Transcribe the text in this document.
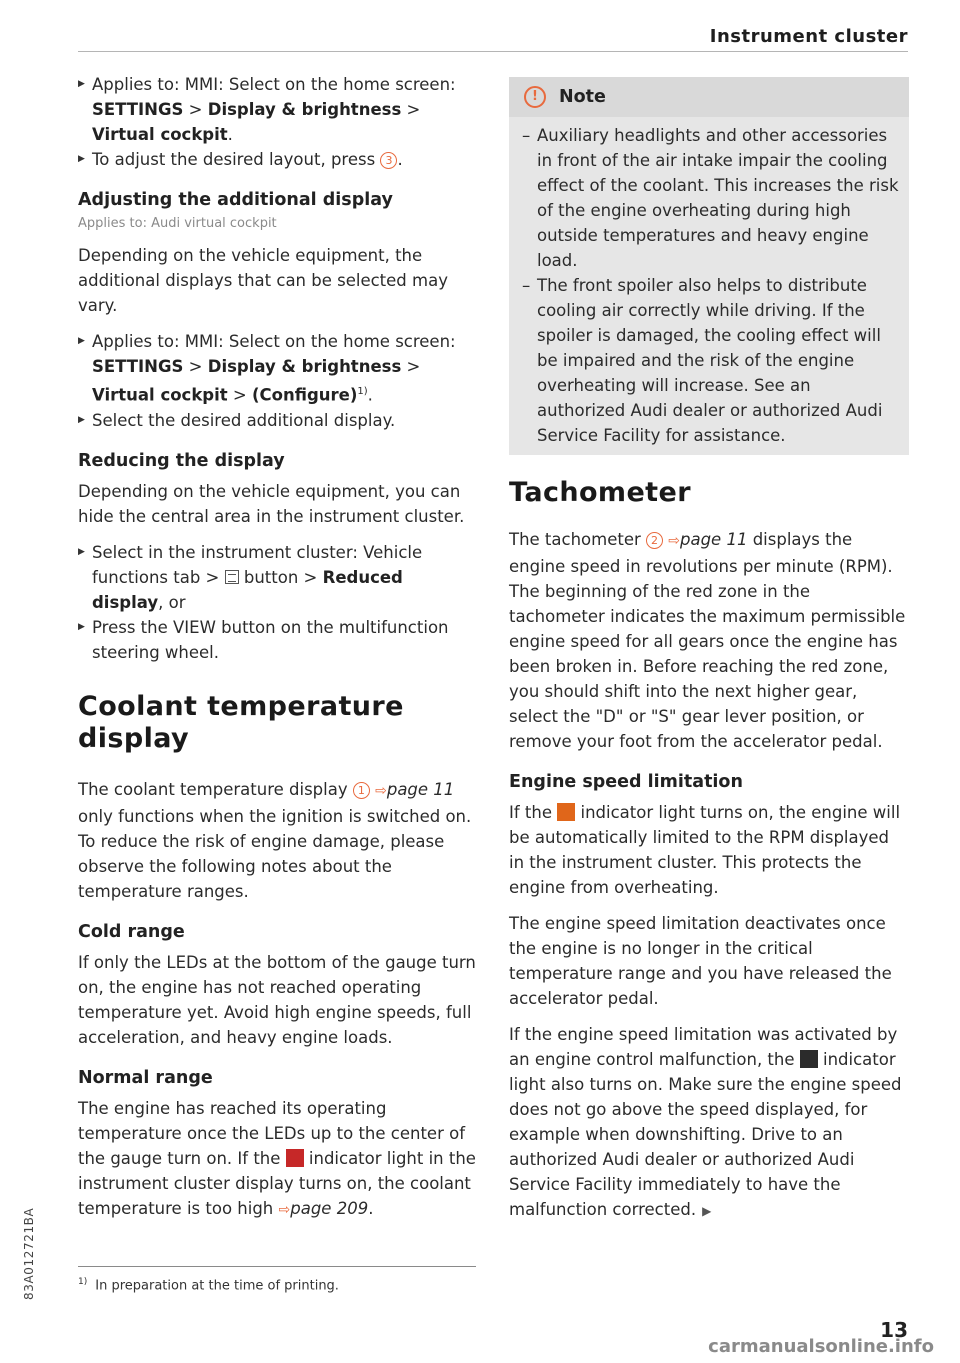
Instrument cluster
▶ Applies to: MMI: Select on the home screen: SETTINGS > Display & brightness > Virtual cockpit.
▶ To adjust the desired layout, press 3 .
Adjusting the additional display
Applies to: Audi virtual cockpit
Depending on the vehicle equipment, the additional displays that can be selected may vary.
▶ Applies to: MMI: Select on the home screen: SETTINGS > Display & brightness > Virtual cockpit > (Configure)$^{1)}$.
▶ Select the desired additional display.
Reducing the display
Depending on the vehicle equipment, you can hide the central area in the instrument cluster.
▶ Select in the instrument cluster: Vehicle functions tab >  button > Reduced display, or
▶ Press the VIEW button on the multifunction steering wheel.
Coolant temperature display
The coolant temperature display 1 ⇨page 11 only functions when the ignition is switched on. To reduce the risk of engine damage, please observe the following notes about the temperature ranges.
Cold range
If only the LEDs at the bottom of the gauge turn on, the engine has not reached operating temperature yet. Avoid high engine speeds, full acceleration, and heavy engine loads.
Normal range
The engine has reached its operating temperature once the LEDs up to the center of the gauge turn on. If the  indicator light in the instrument cluster display turns on, the coolant temperature is too high ⇨page 209.
$^{1)}$ In preparation at the time of printing.
!	Note
– Auxiliary headlights and other accessories in front of the air intake impair the cooling effect of the coolant. This increases the risk of the engine overheating during high outside temperatures and heavy engine load.
– The front spoiler also helps to distribute cooling air correctly while driving. If the spoiler is damaged, the cooling effect will be impaired and the risk of the engine overheating will increase. See an authorized Audi dealer or authorized Audi Service Facility for assistance.
Tachometer
The tachometer 2 ⇨page 11 displays the engine speed in revolutions per minute (RPM). The beginning of the red zone in the tachometer indicates the maximum permissible engine speed for all gears once the engine has been broken in. Before reaching the red zone, you should shift into the next higher gear, select the "D" or "S" gear lever position, or remove your foot from the accelerator pedal.
Engine speed limitation
If the  indicator light turns on, the engine will be automatically limited to the RPM displayed in the instrument cluster. This protects the engine from overheating.
The engine speed limitation deactivates once the engine is no longer in the critical temperature range and you have released the accelerator pedal.
If the engine speed limitation was activated by an engine control malfunction, the  indicator light also turns on. Make sure the engine speed does not go above the speed displayed, for example when downshifting. Drive to an authorized Audi dealer or authorized Audi Service Facility immediately to have the malfunction corrected. ▶
83A012721BA
13
carmanualsonline.info
